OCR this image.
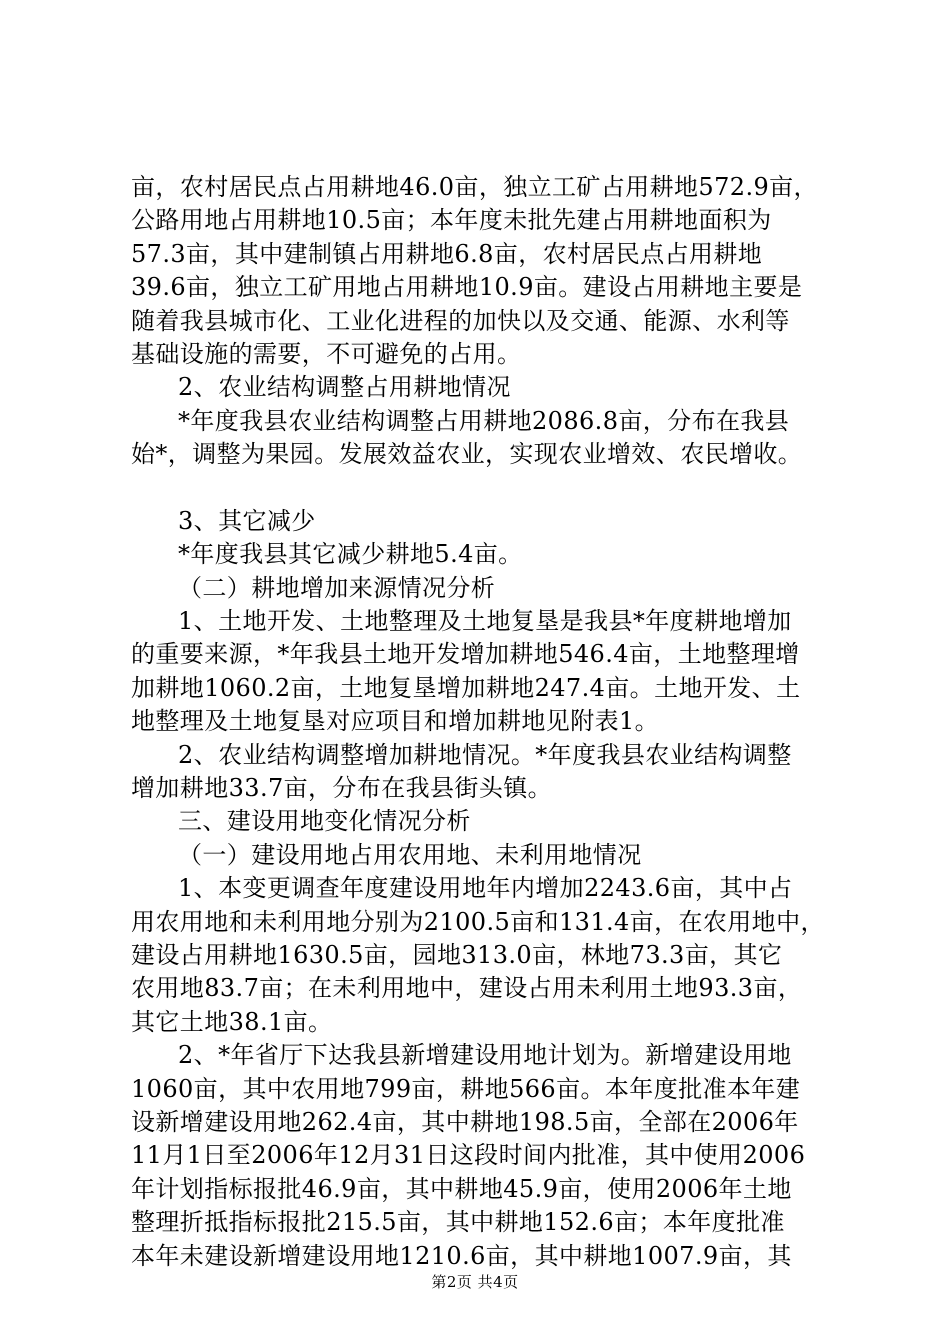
亩，农村居民点占用耕地46.0亩，独立工矿占用耕地572.9亩，
公路用地占用耕地10.5亩；本年度未批先建占用耕地面积为
57.3亩，其中建制镇占用耕地6.8亩，农村居民点占用耕地
39.6亩，独立工矿用地占用耕地10.9亩。建设占用耕地主要是
随着我县城市化、工业化进程的加快以及交通、能源、水利等
基础设施的需要，不可避免的占用。
2、农业结构调整占用耕地情况
*年度我县农业结构调整占用耕地2086.8亩，分布在我县
始*，调整为果园。发展效益农业，实现农业增效、农民增收。
3、其它减少
*年度我县其它减少耕地5.4亩。
（二）耕地增加来源情况分析
1、土地开发、土地整理及土地复垦是我县*年度耕地增加
的重要来源，*年我县土地开发增加耕地546.4亩，土地整理增
加耕地1060.2亩，土地复垦增加耕地247.4亩。土地开发、土
地整理及土地复垦对应项目和增加耕地见附表1。
2、农业结构调整增加耕地情况。*年度我县农业结构调整
增加耕地33.7亩，分布在我县街头镇。
三、建设用地变化情况分析
（一）建设用地占用农用地、未利用地情况
1、本变更调查年度建设用地年内增加2243.6亩，其中占
用农用地和未利用地分别为2100.5亩和131.4亩，在农用地中，
建设占用耕地1630.5亩，园地313.0亩，林地73.3亩，其它
农用地83.7亩；在未利用地中，建设占用未利用土地93.3亩，
其它土地38.1亩。
2、*年省厅下达我县新增建设用地计划为。新增建设用地
1060亩，其中农用地799亩，耕地566亩。本年度批准本年建
设新增建设用地262.4亩，其中耕地198.5亩，全部在2006年
11月1日至2006年12月31日这段时间内批准，其中使用2006
年计划指标报批46.9亩，其中耕地45.9亩，使用2006年土地
整理折抵指标报批215.5亩，其中耕地152.6亩；本年度批准
本年未建设新增建设用地1210.6亩，其中耕地1007.9亩，其
第2页 共4页
